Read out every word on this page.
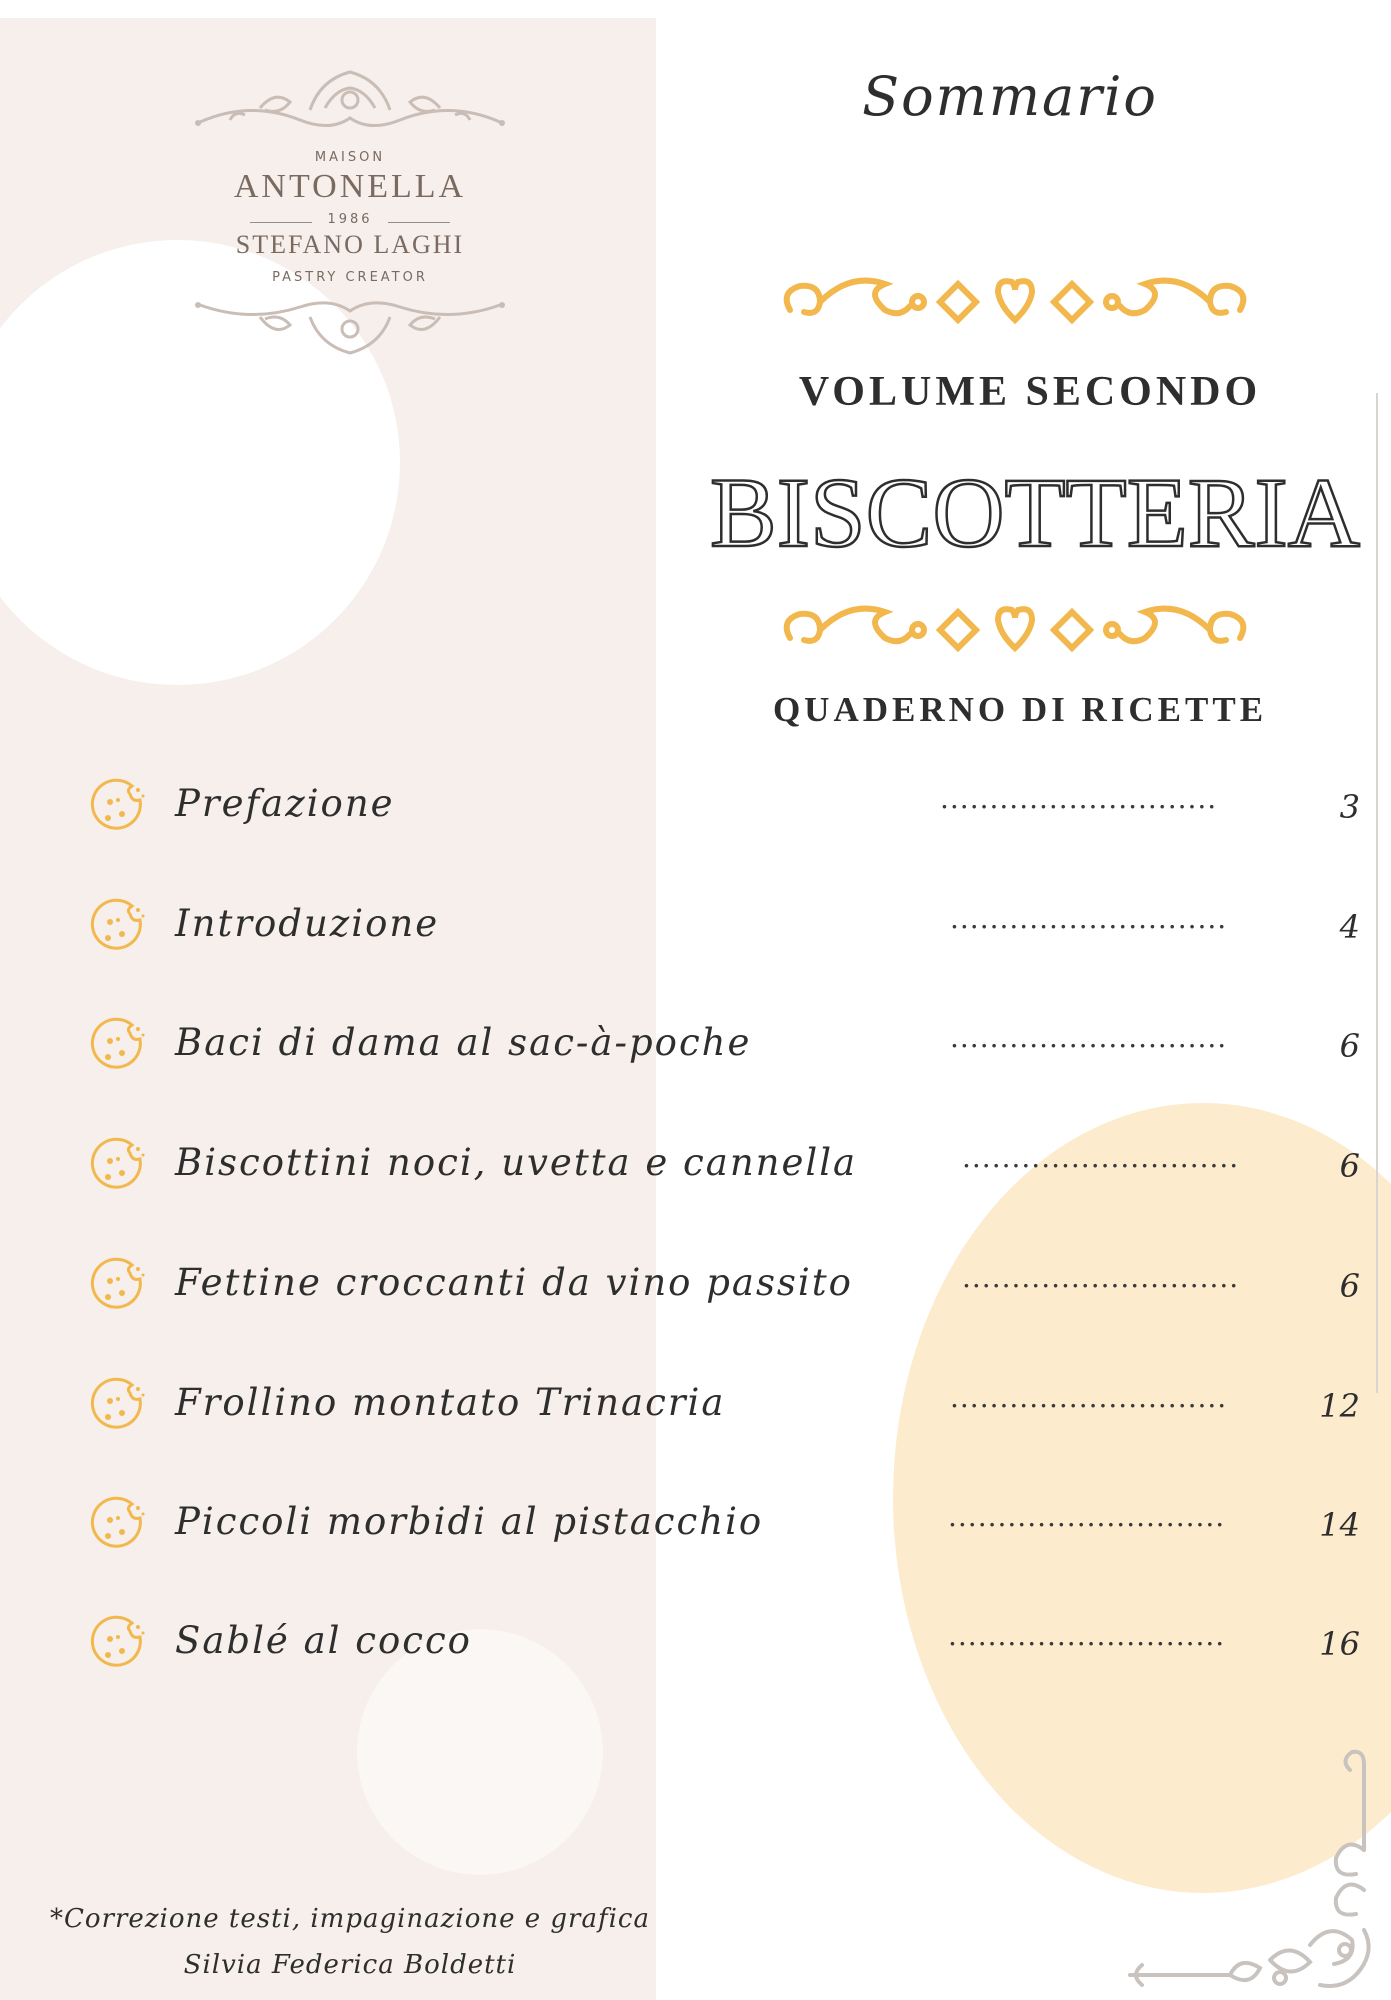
MAISON
ANTONELLA
1986
STEFANO LAGHI
PASTRY CREATOR
Sommario
VOLUME SECONDO
BISCOTTERIA
QUADERNO DI RICETTE
Prefazione	............................	3
Introduzione	............................	4
Baci di dama al sac-à-poche	............................	6
Biscottini noci, uvetta e cannella	............................	6
Fettine croccanti da vino passito	............................	6
Frollino montato Trinacria	............................	12
Piccoli morbidi al pistacchio	............................	14
Sablé al cocco	............................	16
*Correzione testi, impaginazione e grafica
Silvia Federica Boldetti
